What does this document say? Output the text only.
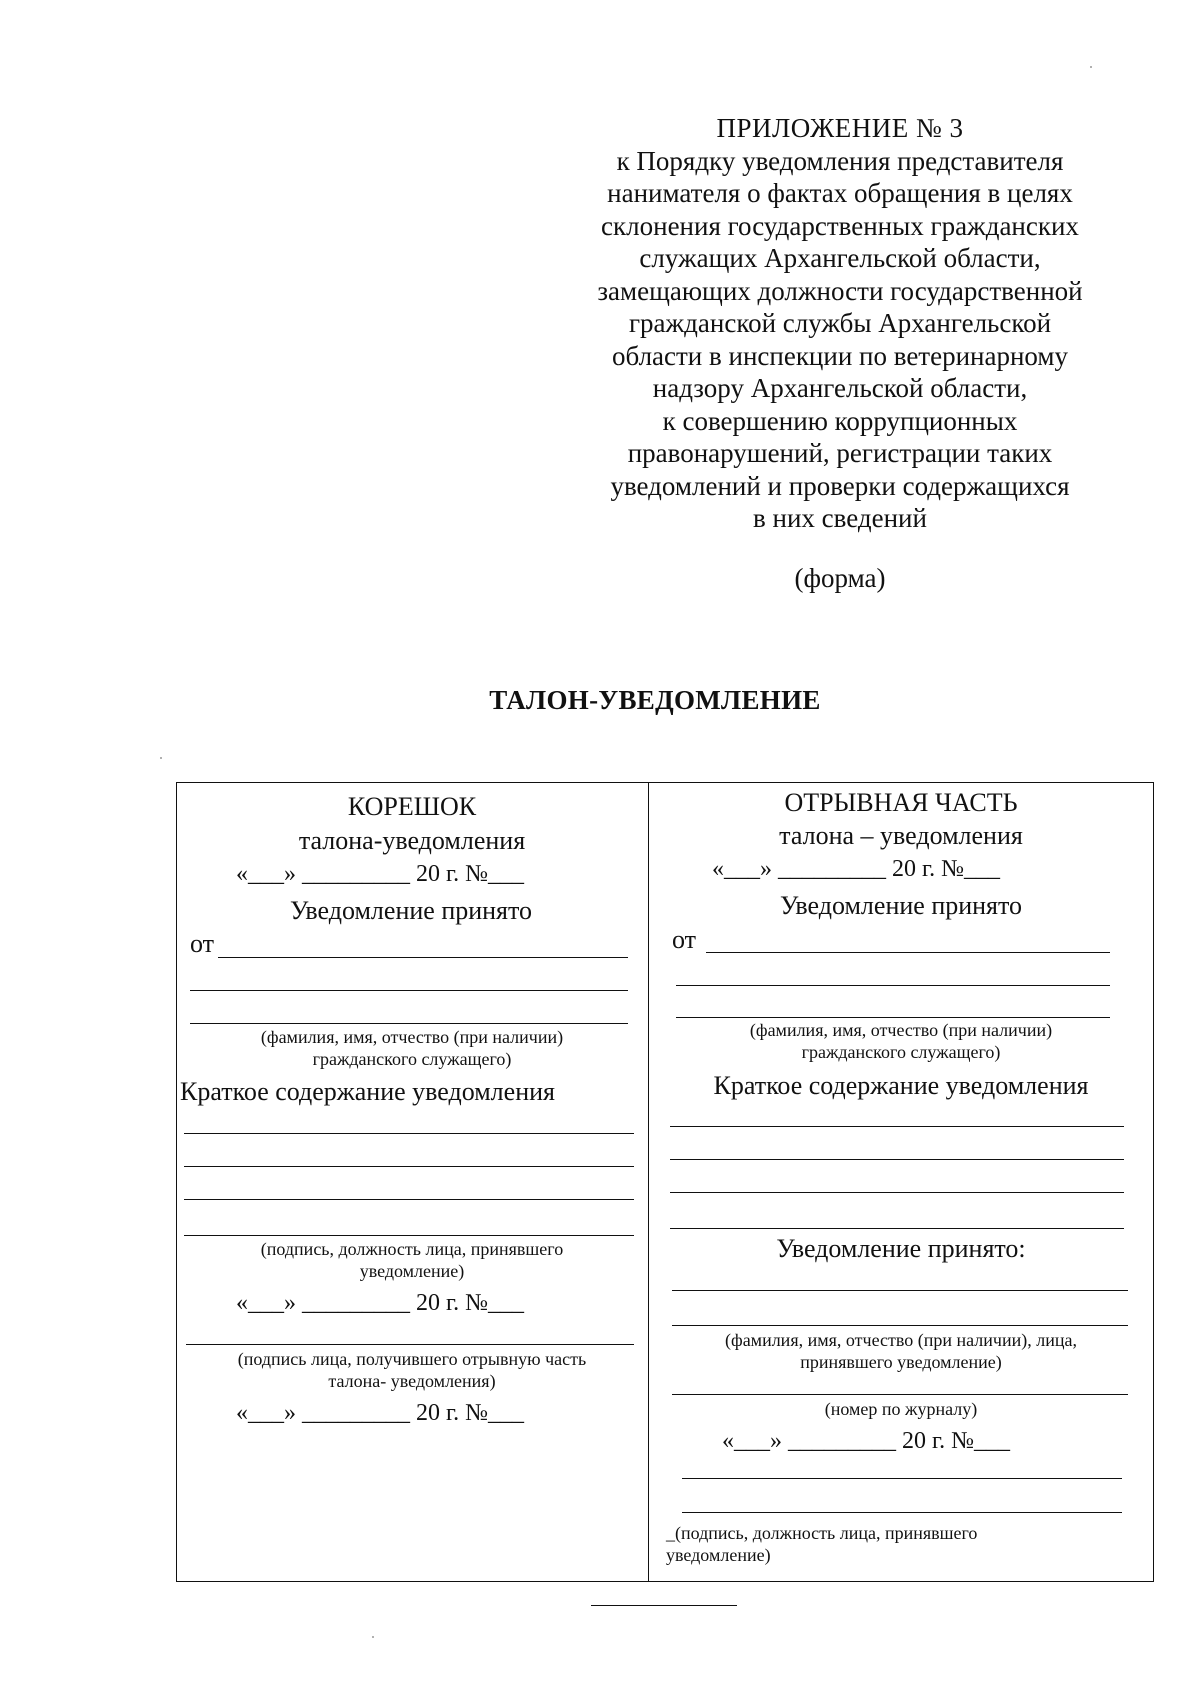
ПРИЛОЖЕНИЕ № 3
к Порядку уведомления представителя
нанимателя о фактах обращения в целях
склонения государственных гражданских
служащих Архангельской области,
замещающих должности государственной
гражданской службы Архангельской
области в инспекции по ветеринарному
надзору Архангельской области,
к совершению коррупционных
правонарушений, регистрации таких
уведомлений и проверки содержащихся
в них сведений
(форма)
ТАЛОН-УВЕДОМЛЕНИЕ
КОРЕШОК
талона-уведомления
«___» _________ 20 г. №___
Уведомление принято
от
(фамилия, имя, отчество (при наличии)
гражданского служащего)
Краткое содержание уведомления
(подпись, должность лица, принявшего
уведомление)
«___» _________ 20 г. №___
(подпись лица, получившего отрывную часть
талона- уведомления)
«___» _________ 20 г. №___
ОТРЫВНАЯ ЧАСТЬ
талона – уведомления
«___» _________ 20 г. №___
Уведомление принято
от
(фамилия, имя, отчество (при наличии)
гражданского служащего)
Краткое содержание уведомления
Уведомление принято:
(фамилия, имя, отчество (при наличии), лица,
принявшего уведомление)
(номер по журналу)
«___» _________ 20 г. №___
_(подпись, должность лица, принявшего
уведомление)
